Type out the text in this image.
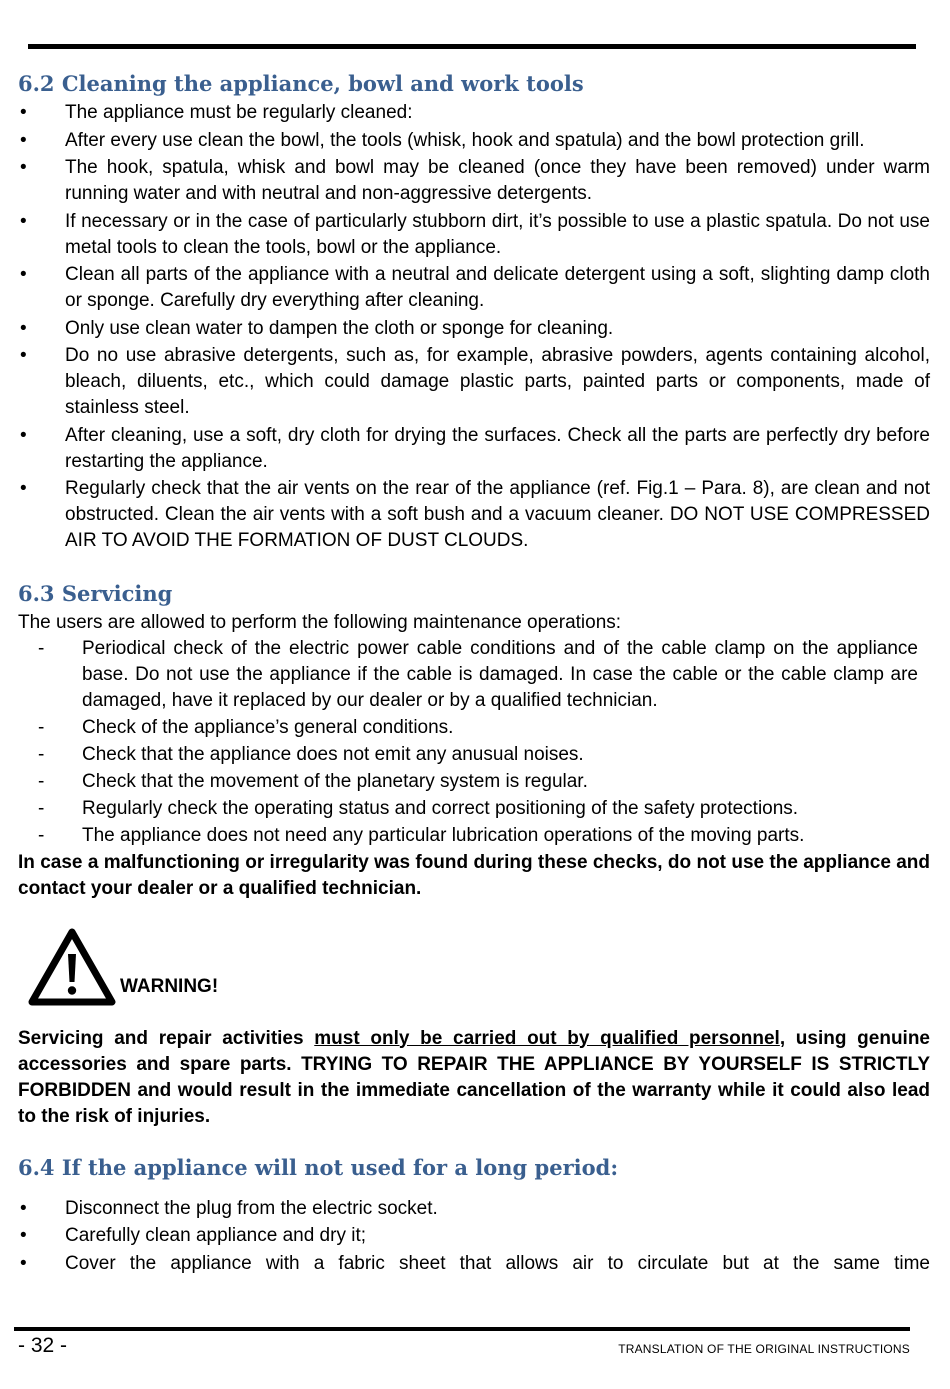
6.2 Cleaning the appliance, bowl and work tools
• The appliance must be regularly cleaned:
• After every use clean the bowl, the tools (whisk, hook and spatula) and the bowl protection grill.
• The hook, spatula, whisk and bowl may be cleaned (once they have been removed) under warm running water and with neutral and non-aggressive detergents.
• If necessary or in the case of particularly stubborn dirt, it’s possible to use a plastic spatula. Do not use metal tools to clean the tools, bowl or the appliance.
• Clean all parts of the appliance with a neutral and delicate detergent using a soft, slighting damp cloth or sponge. Carefully dry everything after cleaning.
• Only use clean water to dampen the cloth or sponge for cleaning.
• Do no use abrasive detergents, such as, for example, abrasive powders, agents containing alcohol, bleach, diluents, etc., which could damage plastic parts, painted parts or components, made of stainless steel.
• After cleaning, use a soft, dry cloth for drying the surfaces. Check all the parts are perfectly dry before restarting the appliance.
• Regularly check that the air vents on the rear of the appliance (ref. Fig.1 – Para. 8), are clean and not obstructed. Clean the air vents with a soft bush and a vacuum cleaner. DO NOT USE COMPRESSED AIR TO AVOID THE FORMATION OF DUST CLOUDS.
6.3 Servicing

The users are allowed to perform the following maintenance operations:

- Periodical check of the electric power cable conditions and of the cable clamp on the appliance base. Do not use the appliance if the cable is damaged. In case the cable or the cable clamp are damaged, have it replaced by our dealer or by a qualified technician.
- Check of the appliance’s general conditions.
- Check that the appliance does not emit any anusual noises.
- Check that the movement of the planetary system is regular.
- Regularly check the operating status and correct positioning of the safety protections.
- The appliance does not need any particular lubrication operations of the moving parts.

In case a malfunctioning or irregularity was found during these checks, do not use the appliance and contact your dealer or a qualified technician.

WARNING!

Servicing and repair activities must only be carried out by qualified personnel, using genuine accessories and spare parts. TRYING TO REPAIR THE APPLIANCE BY YOURSELF IS STRICTLY FORBIDDEN and would result in the immediate cancellation of the warranty while it could also lead to the risk of injuries.

6.4 If the appliance will not used for a long period:
• Disconnect the plug from the electric socket.
• Carefully clean appliance and dry it;
• Cover the appliance with a fabric sheet that allows air to circulate but at the same time
- 32 -	TRANSLATION OF THE ORIGINAL INSTRUCTIONS
